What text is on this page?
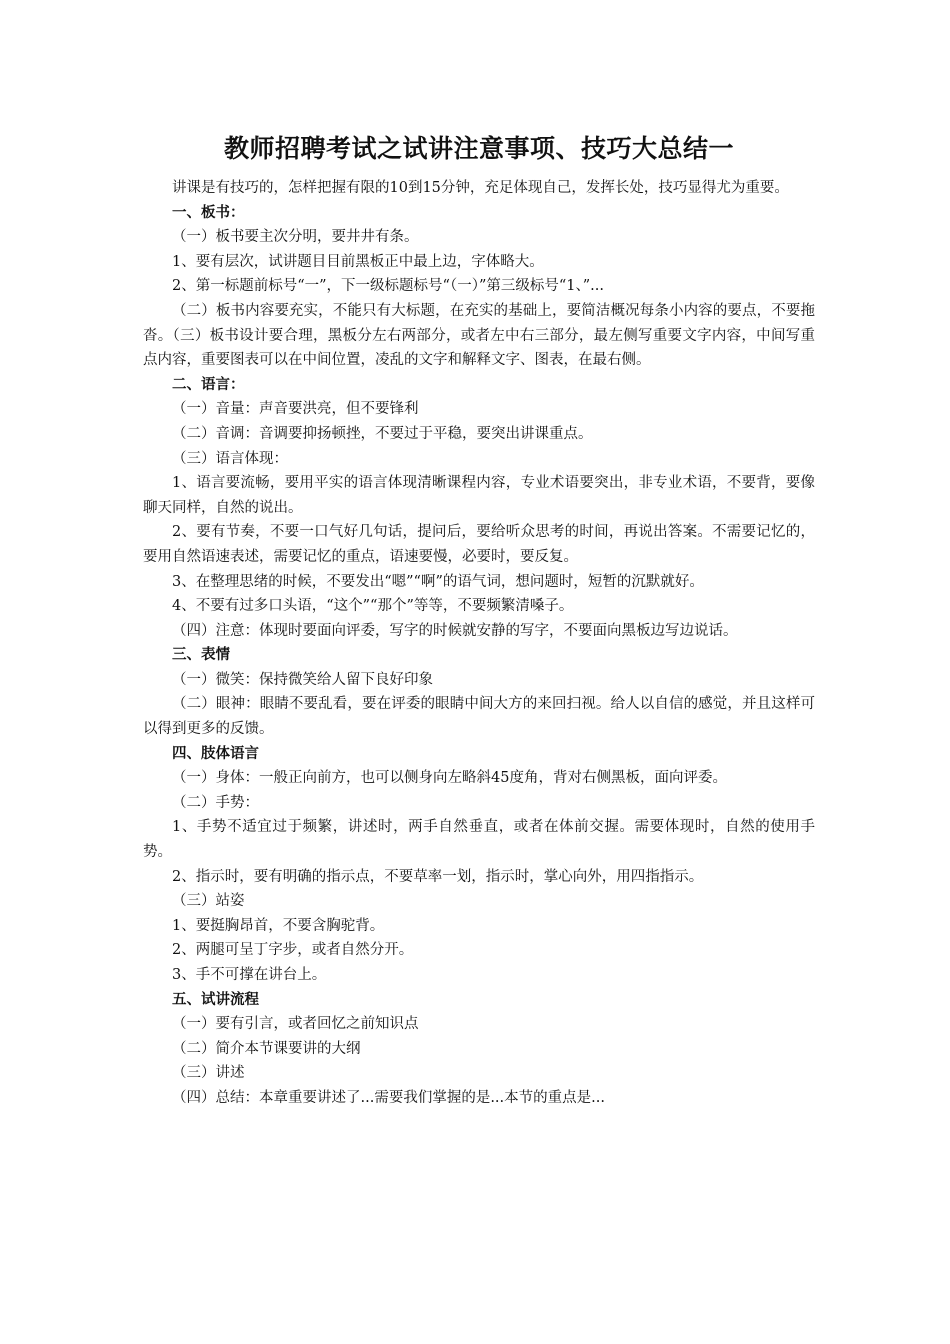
教师招聘考试之试讲注意事项、技巧大总结一

讲课是有技巧的，怎样把握有限的10到15分钟，充足体现自己，发挥长处，技巧显得尤为重要。

一、板书：

（一）板书要主次分明，要井井有条。

1、要有层次，试讲题目目前黑板正中最上边，字体略大。

2、第一标题前标号“一”，下一级标题标号“（一）”第三级标号“1、”...

（二）板书内容要充实，不能只有大标题，在充实的基础上，要简洁概况每条小内容的要点，不要拖沓。（三）板书设计要合理，黑板分左右两部分，或者左中右三部分，最左侧写重要文字内容，中间写重点内容，重要图表可以在中间位置，凌乱的文字和解释文字、图表，在最右侧。

二、语言：

（一）音量：声音要洪亮，但不要锋利

（二）音调：音调要抑扬顿挫，不要过于平稳，要突出讲课重点。

（三）语言体现：

1、语言要流畅，要用平实的语言体现清晰课程内容，专业术语要突出，非专业术语，不要背，要像聊天同样，自然的说出。

2、要有节奏，不要一口气好几句话，提问后，要给听众思考的时间，再说出答案。不需要记忆的，要用自然语速表述，需要记忆的重点，语速要慢，必要时，要反复。

3、在整理思绪的时候，不要发出“嗯”“啊”的语气词，想问题时，短暂的沉默就好。

4、不要有过多口头语，“这个”“那个”等等，不要频繁清嗓子。

（四）注意：体现时要面向评委，写字的时候就安静的写字，不要面向黑板边写边说话。

三、表情

（一）微笑：保持微笑给人留下良好印象

（二）眼神：眼睛不要乱看，要在评委的眼睛中间大方的来回扫视。给人以自信的感觉，并且这样可以得到更多的反馈。

四、肢体语言

（一）身体：一般正向前方，也可以侧身向左略斜45度角，背对右侧黑板，面向评委。

（二）手势：

1、手势不适宜过于频繁，讲述时，两手自然垂直，或者在体前交握。需要体现时，自然的使用手势。

2、指示时，要有明确的指示点，不要草率一划，指示时，掌心向外，用四指指示。

（三）站姿

1、要挺胸昂首，不要含胸驼背。

2、两腿可呈丁字步，或者自然分开。

3、手不可撑在讲台上。

五、试讲流程

（一）要有引言，或者回忆之前知识点

（二）简介本节课要讲的大纲

（三）讲述

（四）总结：本章重要讲述了...需要我们掌握的是...本节的重点是...
